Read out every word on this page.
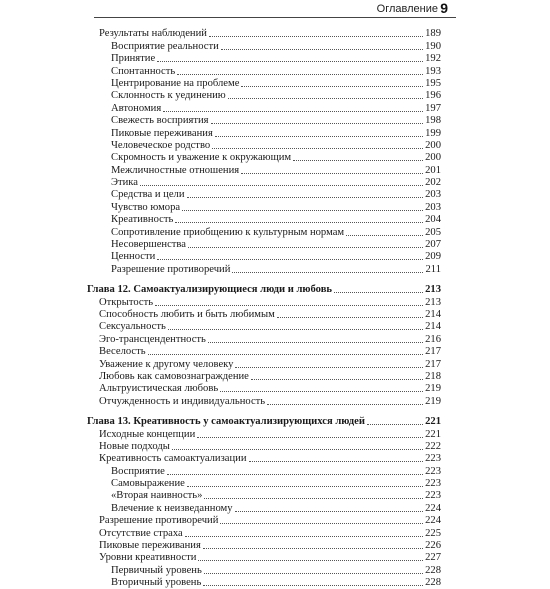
Оглавление 9
Результаты наблюдений	189
Восприятие реальности	190
Принятие	192
Спонтанность	193
Центрирование на проблеме	195
Склонность к уединению	196
Автономия	197
Свежесть восприятия	198
Пиковые переживания	199
Человеческое родство	200
Скромность и уважение к окружающим	200
Межличностные отношения	201
Этика	202
Средства и цели	203
Чувство юмора	203
Креативность	204
Сопротивление приобщению к культурным нормам	205
Несовершенства	207
Ценности	209
Разрешение противоречий	211
Глава 12. Самоактуализирующиеся люди и любовь	213
Открытость	213
Способность любить и быть любимым	214
Сексуальность	214
Эго-трансцендентность	216
Веселость	217
Уважение к другому человеку	217
Любовь как самовознаграждение	218
Альтруистическая любовь	219
Отчужденность и индивидуальность	219
Глава 13. Креативность у самоактуализирующихся людей	221
Исходные концепции	221
Новые подходы	222
Креативность самоактуализации	223
Восприятие	223
Самовыражение	223
«Вторая наивность»	223
Влечение к неизведанному	224
Разрешение противоречий	224
Отсутствие страха	225
Пиковые переживания	226
Уровни креативности	227
Первичный уровень	228
Вторичный уровень	228
